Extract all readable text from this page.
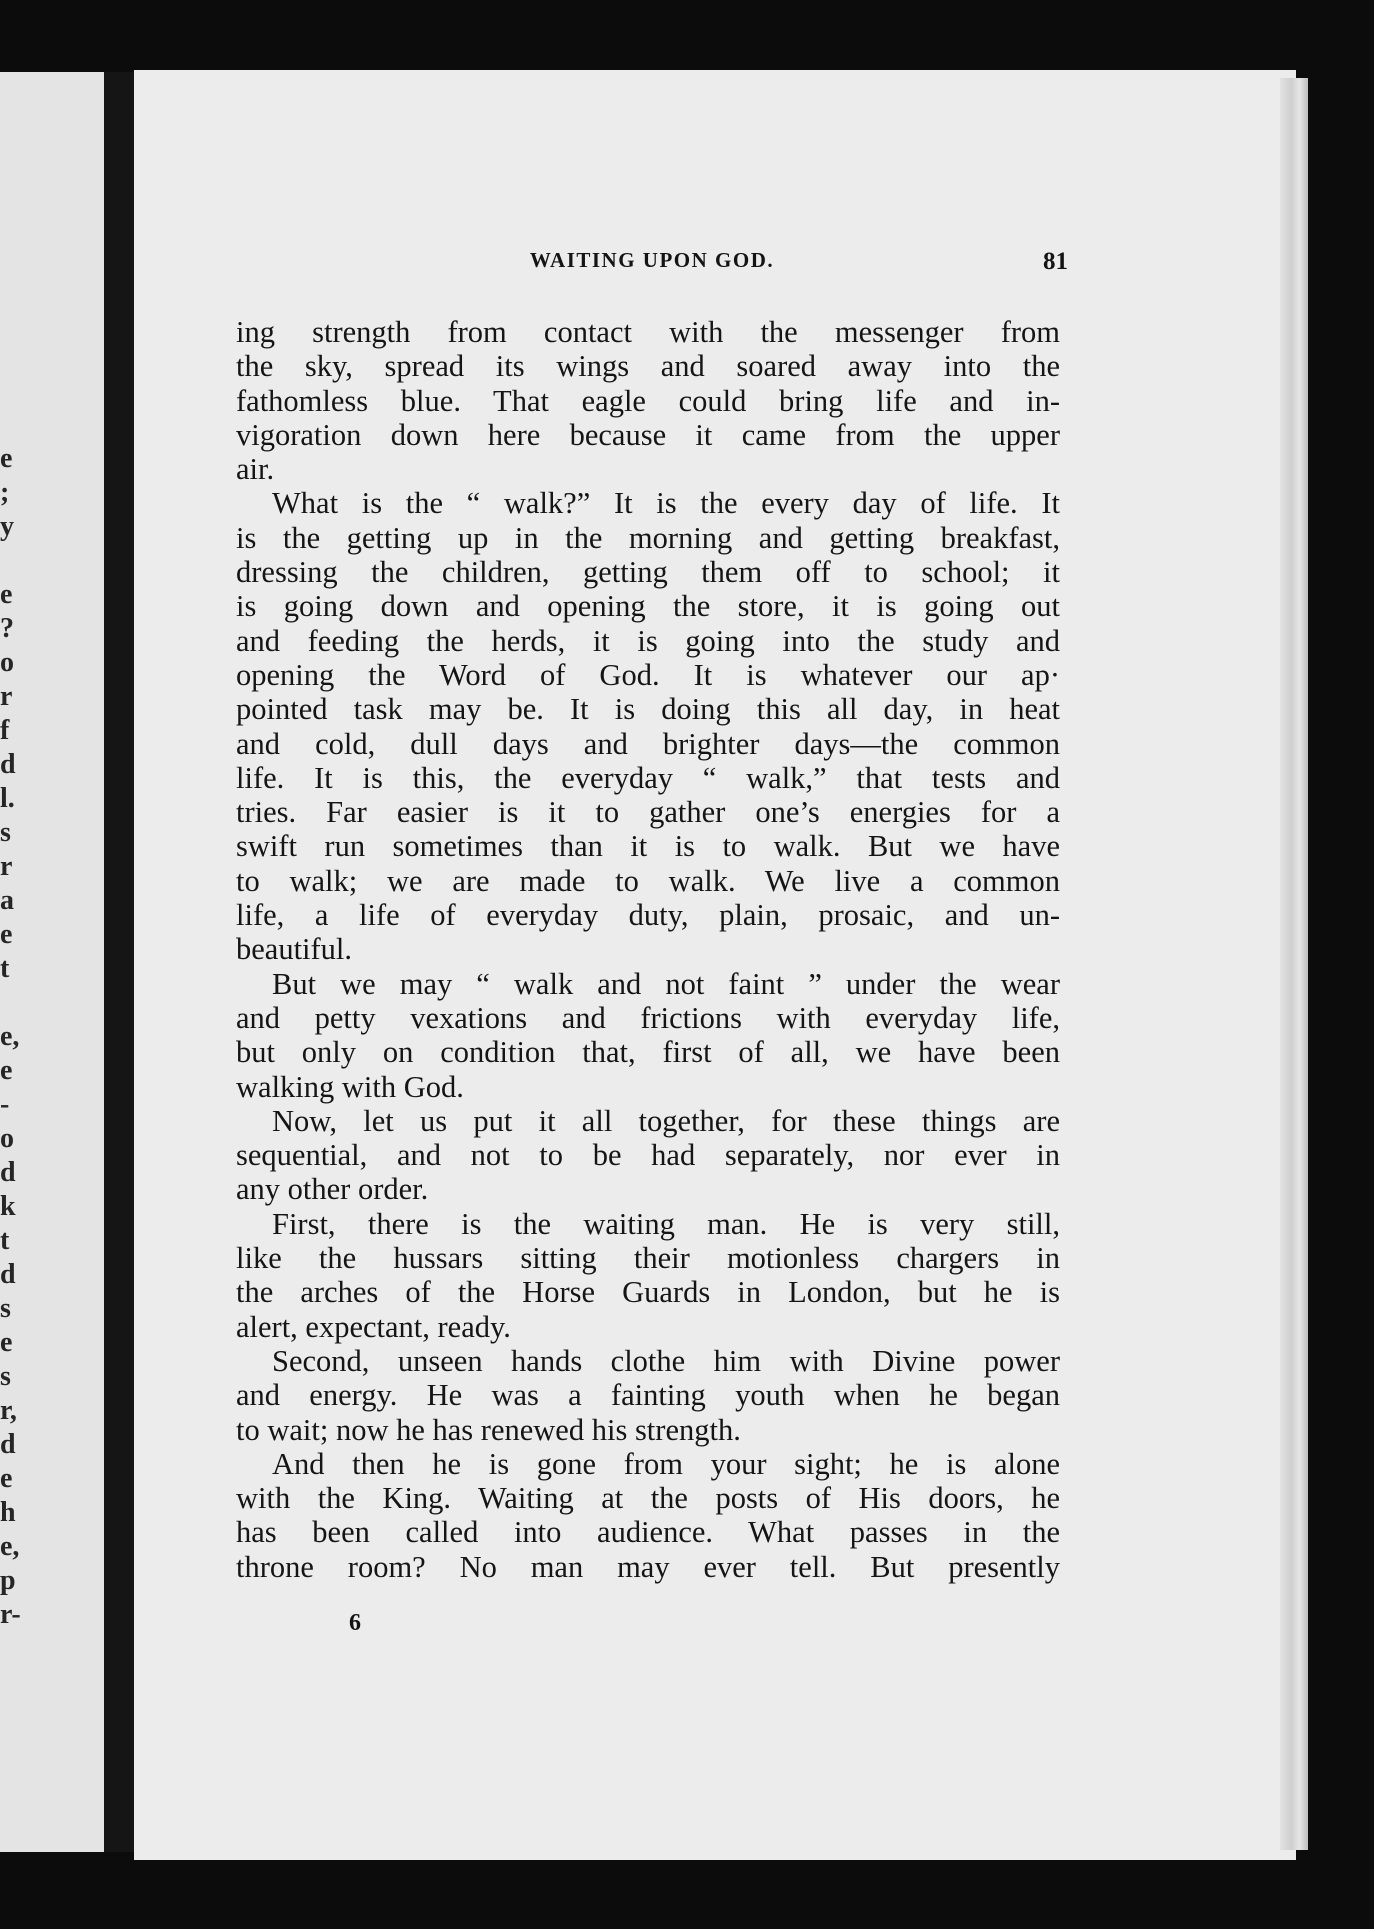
e
;
y
e
?
o
r
f
d
l.
s
r
a
e
t
e,
e
-
o
d
k
t
d
s
e
s
r,
d
e
h
e,
p
r-
WAITING UPON GOD.	81
ing strength from contact with the messenger from
the sky, spread its wings and soared away into the
fathomless blue. That eagle could bring life and in-
vigoration down here because it came from the upper
air.
What is the “ walk?” It is the every day of life. It
is the getting up in the morning and getting breakfast,
dressing the children, getting them off to school; it
is going down and opening the store, it is going out
and feeding the herds, it is going into the study and
opening the Word of God. It is whatever our ap·
pointed task may be. It is doing this all day, in heat
and cold, dull days and brighter days—the common
life. It is this, the everyday “ walk,” that tests and
tries. Far easier is it to gather one’s energies for a
swift run sometimes than it is to walk. But we have
to walk; we are made to walk. We live a common
life, a life of everyday duty, plain, prosaic, and un-
beautiful.
But we may “ walk and not faint ” under the wear
and petty vexations and frictions with everyday life,
but only on condition that, first of all, we have been
walking with God.
Now, let us put it all together, for these things are
sequential, and not to be had separately, nor ever in
any other order.
First, there is the waiting man. He is very still,
like the hussars sitting their motionless chargers in
the arches of the Horse Guards in London, but he is
alert, expectant, ready.
Second, unseen hands clothe him with Divine power
and energy. He was a fainting youth when he began
to wait; now he has renewed his strength.
And then he is gone from your sight; he is alone
with the King. Waiting at the posts of His doors, he
has been called into audience. What passes in the
throne room? No man may ever tell. But presently
6
